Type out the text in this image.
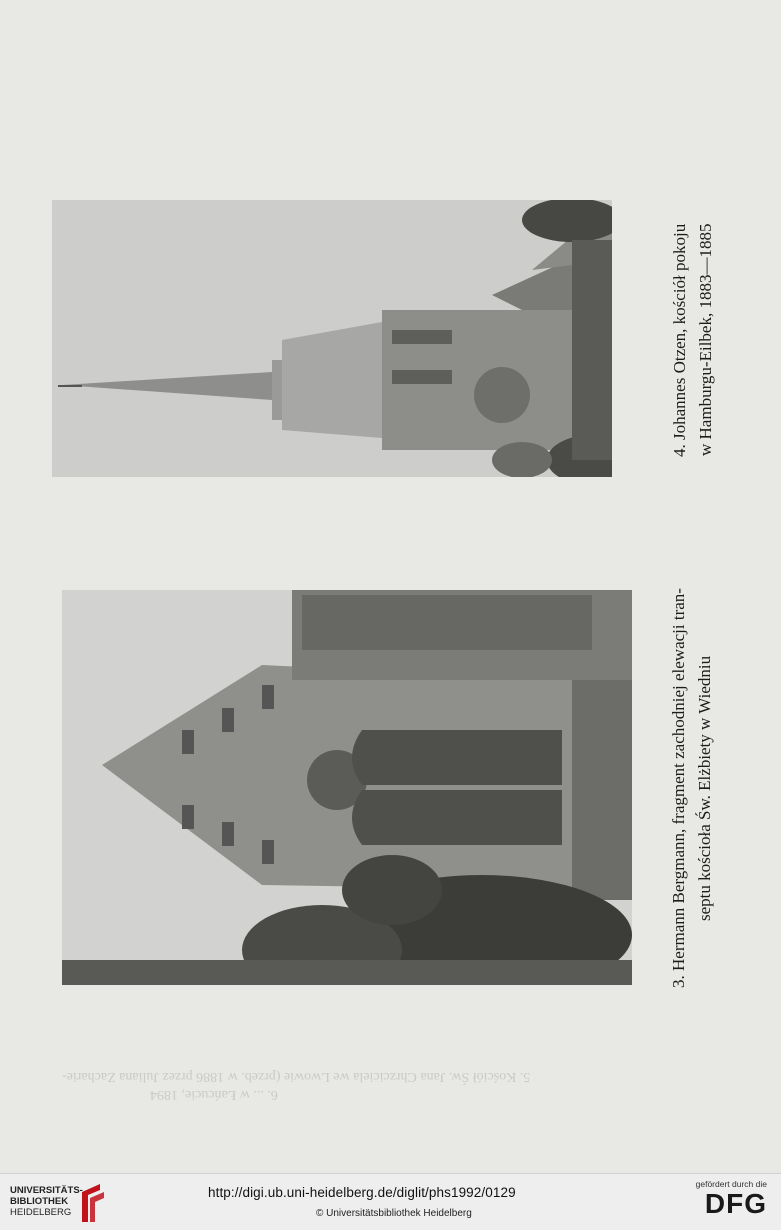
4. Johannes Otzen, kościół pokoju w Hamburgu-Eilbek, 1883—1885
3. Hermann Bergmann, fragment zachodniej elewacji tran- septu kościoła Św. Elżbiety w Wiedniu
5. Kościół Św. Jana Chrzciciela we Lwowie (przeb. w 1886 przez Juliana Zacharie-
6. ... w Łańcucie, 1894
UNIVERSITÄTS-
BIBLIOTHEK
HEIDELBERG
http://digi.ub.uni-heidelberg.de/diglit/phs1992/0129
© Universitätsbibliothek Heidelberg
gefördert durch die
DFG
